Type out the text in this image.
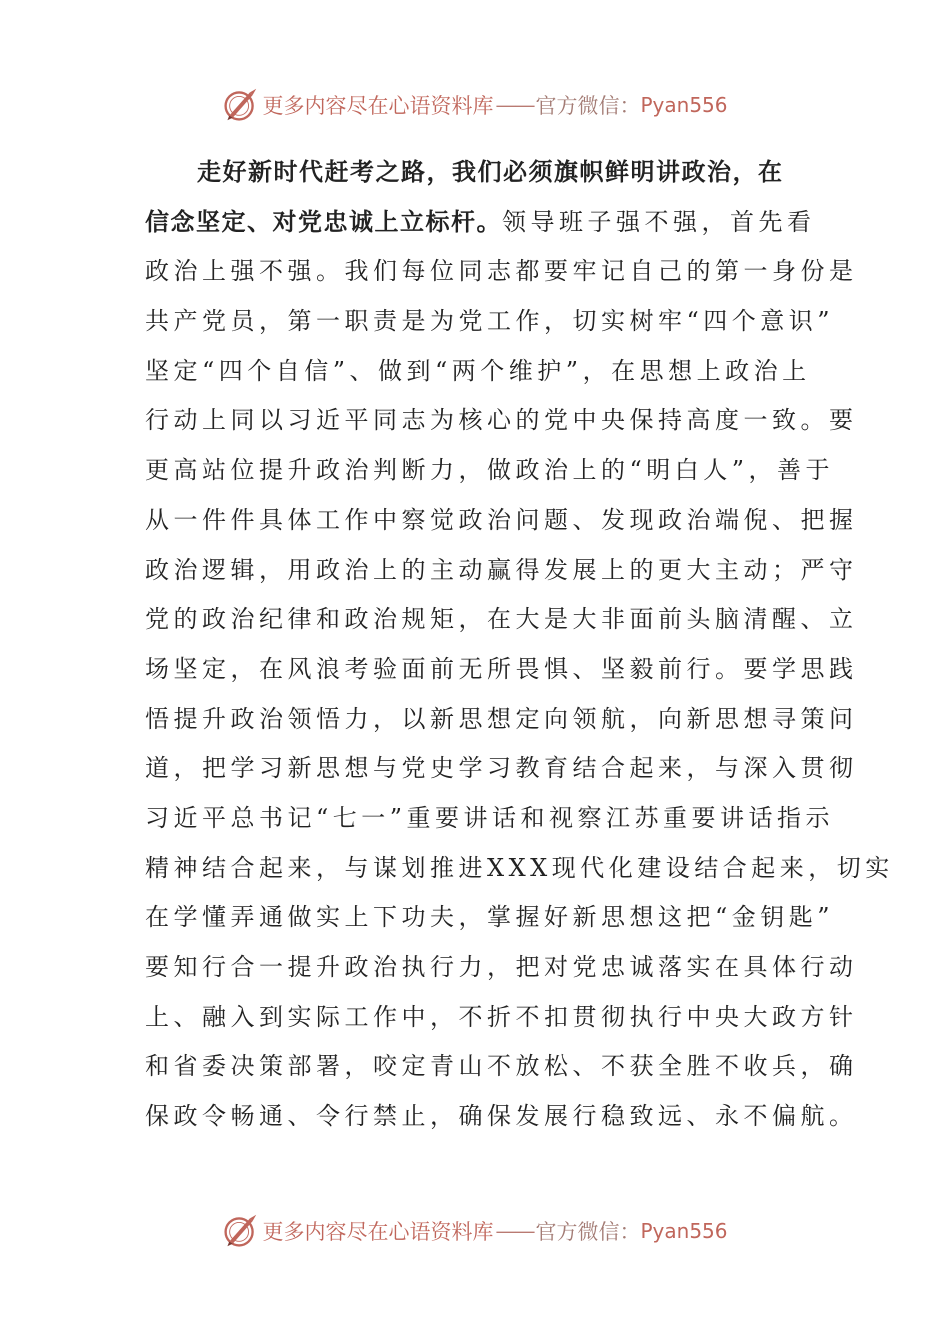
更多内容尽在心语资料库 —— 官方微信： Pyan556
走好新时代赶考之路，我们必须旗帜鲜明讲政治，在
信念坚定、对党忠诚上立标杆。领导班子强不强，首先看
政治上强不强。我们每位同志都要牢记自己的第一身份是
共产党员，第一职责是为党工作，切实树牢“四个意识”
坚定“四个自信”、做到“两个维护”，在思想上政治上
行动上同以习近平同志为核心的党中央保持高度一致。要
更高站位提升政治判断力，做政治上的“明白人”，善于
从一件件具体工作中察觉政治问题、发现政治端倪、把握
政治逻辑，用政治上的主动赢得发展上的更大主动；严守
党的政治纪律和政治规矩，在大是大非面前头脑清醒、立
场坚定，在风浪考验面前无所畏惧、坚毅前行。要学思践
悟提升政治领悟力，以新思想定向领航，向新思想寻策问
道，把学习新思想与党史学习教育结合起来，与深入贯彻
习近平总书记“七一”重要讲话和视察江苏重要讲话指示
精神结合起来，与谋划推进XXX现代化建设结合起来，切实
在学懂弄通做实上下功夫，掌握好新思想这把“金钥匙”
要知行合一提升政治执行力，把对党忠诚落实在具体行动
上、融入到实际工作中，不折不扣贯彻执行中央大政方针
和省委决策部署，咬定青山不放松、不获全胜不收兵，确
保政令畅通、令行禁止，确保发展行稳致远、永不偏航。
更多内容尽在心语资料库 —— 官方微信： Pyan556
